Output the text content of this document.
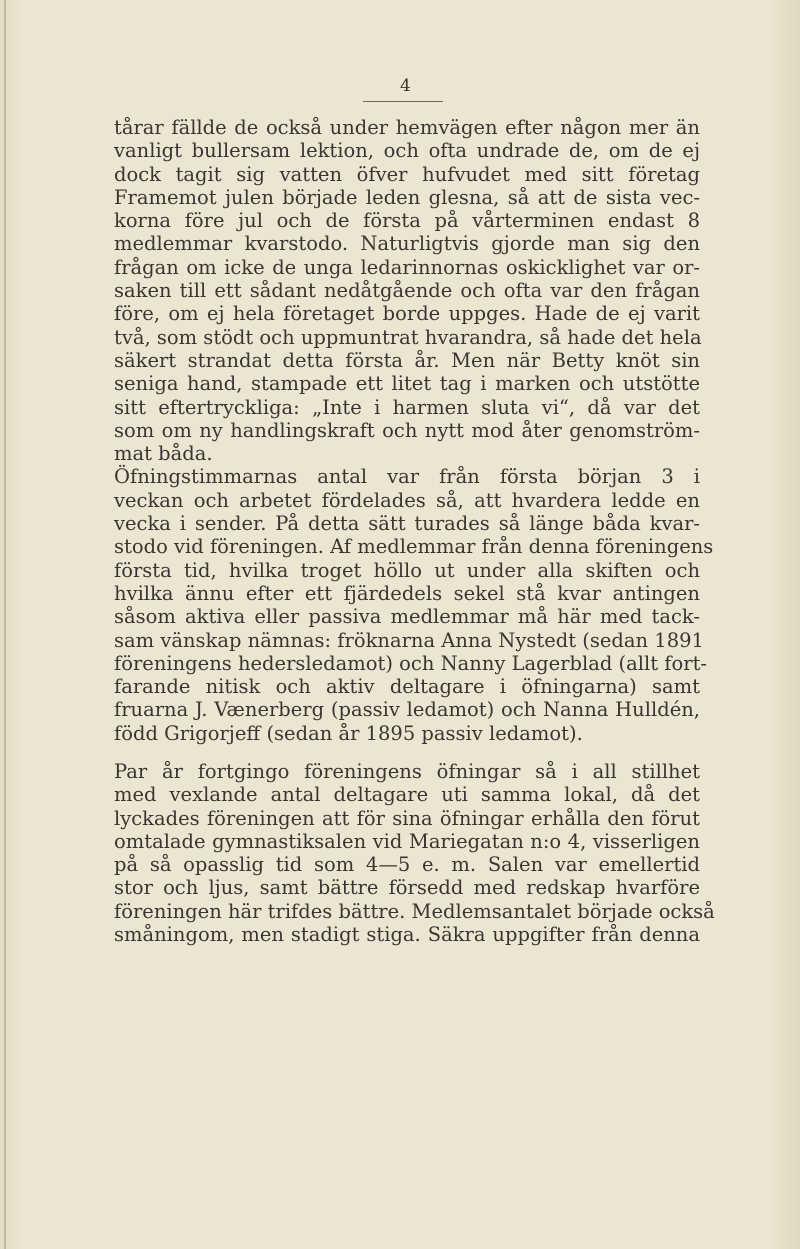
4
tårar fällde de också under hemvägen efter någon mer än
vanligt bullersam lektion, och ofta undrade de, om de ej
dock tagit sig vatten öfver hufvudet med sitt företag
Framemot julen började leden glesna, så att de sista vec-
korna före jul och de första på vårterminen endast 8
medlemmar kvarstodo. Naturligtvis gjorde man sig den
frågan om icke de unga ledarinnornas oskicklighet var or-
saken till ett sådant nedåtgående och ofta var den frågan
före, om ej hela företaget borde uppges. Hade de ej varit
två, som stödt och uppmuntrat hvarandra, så hade det hela
säkert strandat detta första år. Men när Betty knöt sin
seniga hand, stampade ett litet tag i marken och utstötte
sitt eftertryckliga: „Inte i harmen sluta vi“, då var det
som om ny handlingskraft och nytt mod åter genomström-
mat båda.
Öfningstimmarnas antal var från första början 3 i
veckan och arbetet fördelades så, att hvardera ledde en
vecka i sender. På detta sätt turades så länge båda kvar-
stodo vid föreningen. Af medlemmar från denna föreningens
första tid, hvilka troget höllo ut under alla skiften och
hvilka ännu efter ett fjärdedels sekel stå kvar antingen
såsom aktiva eller passiva medlemmar må här med tack-
sam vänskap nämnas: fröknarna Anna Nystedt (sedan 1891
föreningens hedersledamot) och Nanny Lagerblad (allt fort-
farande nitisk och aktiv deltagare i öfningarna) samt
fruarna J. Vænerberg (passiv ledamot) och Nanna Hulldén,
född Grigorjeff (sedan år 1895 passiv ledamot).
Par år fortgingo föreningens öfningar så i all stillhet
med vexlande antal deltagare uti samma lokal, då det
lyckades föreningen att för sina öfningar erhålla den förut
omtalade gymnastiksalen vid Mariegatan n:o 4, visserligen
på så opasslig tid som 4—5 e. m. Salen var emellertid
stor och ljus, samt bättre försedd med redskap hvarföre
föreningen här trifdes bättre. Medlemsantalet började också
småningom, men stadigt stiga. Säkra uppgifter från denna
